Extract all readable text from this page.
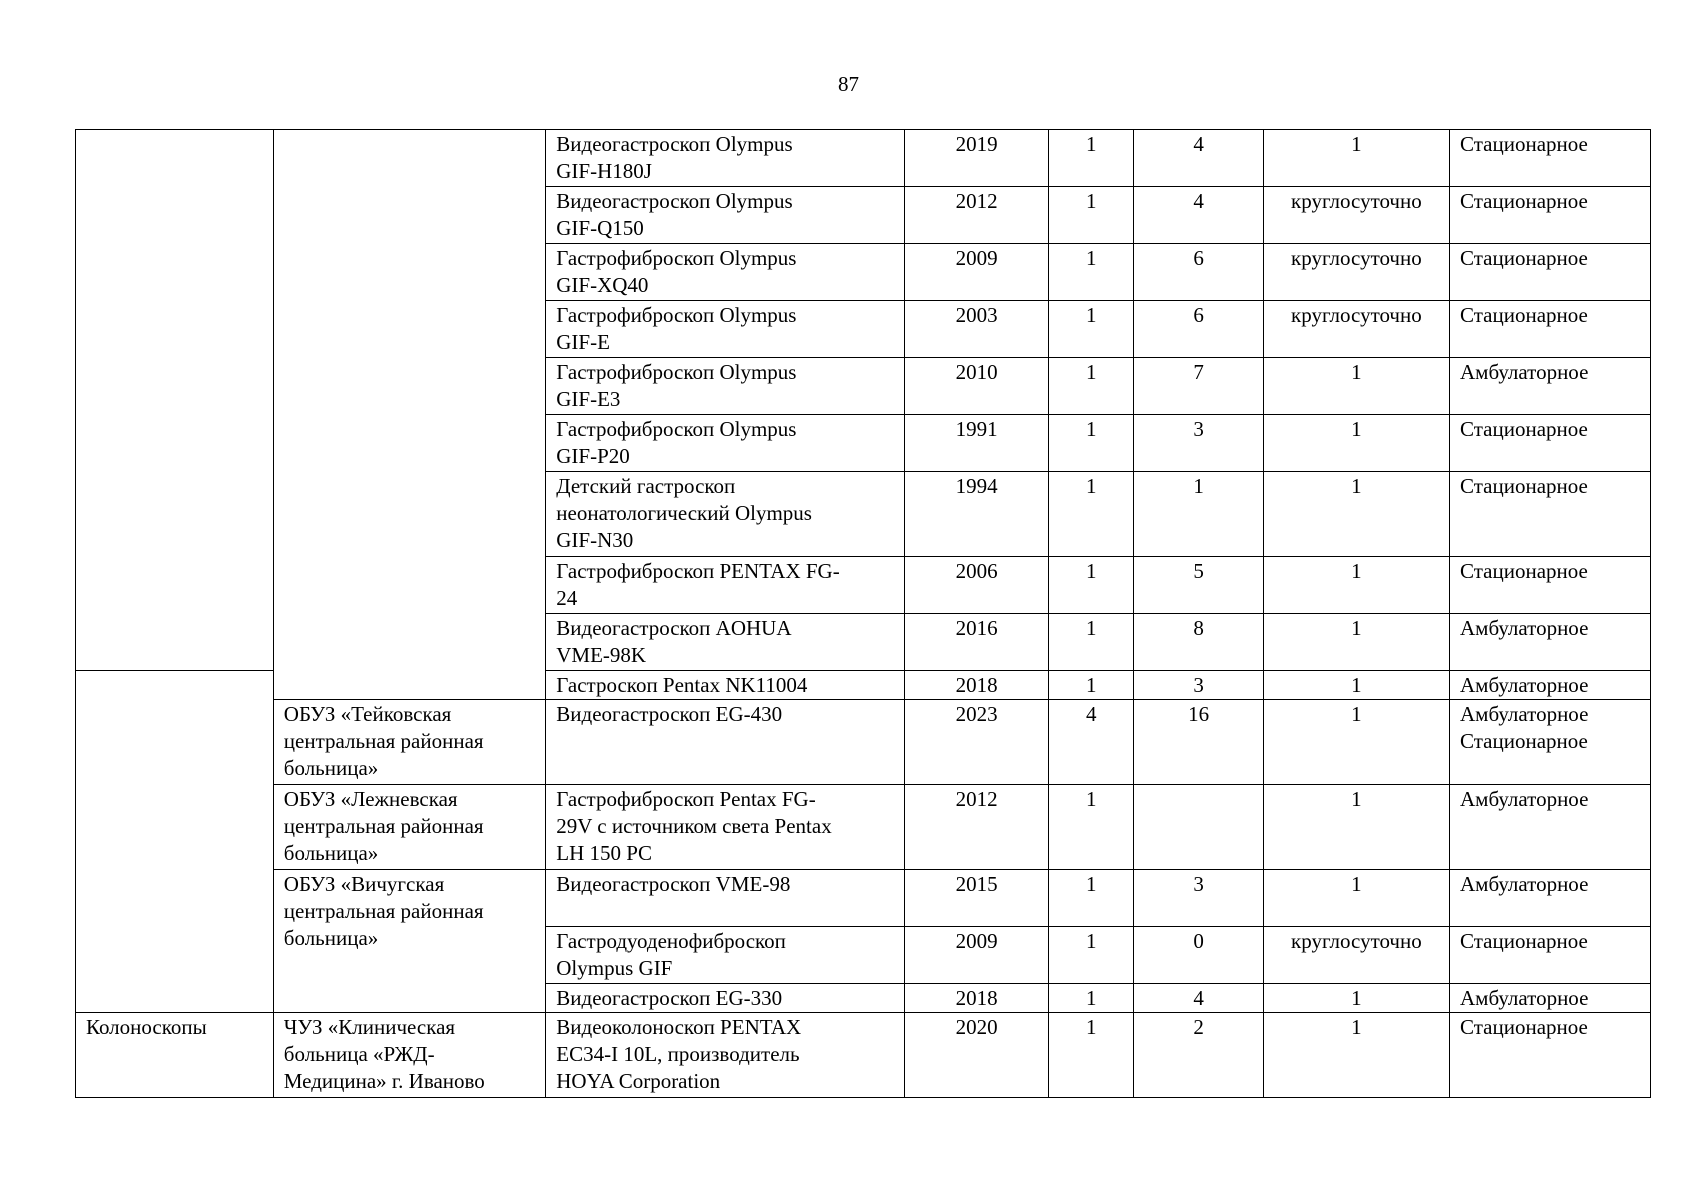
87
		Видеогастроскоп Olympus
GIF-H180J	2019	1	4	1	Стационарное
		Видеогастроскоп Olympus
GIF-Q150	2012	1	4	круглосуточно	Стационарное
		Гастрофиброскоп Olympus
GIF-XQ40	2009	1	6	круглосуточно	Стационарное
		Гастрофиброскоп Olympus
GIF-E	2003	1	6	круглосуточно	Стационарное
		Гастрофиброскоп Olympus
GIF-E3	2010	1	7	1	Амбулаторное
		Гастрофиброскоп Olympus
GIF-P20	1991	1	3	1	Стационарное
		Детский гастроскоп
неонатологический Olympus
GIF-N30	1994	1	1	1	Стационарное
		Гастрофиброскоп PENTAX FG-
24	2006	1	5	1	Стационарное
		Видеогастроскоп AOHUA
VME-98K	2016	1	8	1	Амбулаторное
		Гастроскоп Pentax NK11004	2018	1	3	1	Амбулаторное
	ОБУЗ «Тейковская
центральная районная
больница»	Видеогастроскоп EG-430	2023	4	16	1	Амбулаторное
Стационарное
	ОБУЗ «Лежневская
центральная районная
больница»	Гастрофиброскоп Pentax FG-
29V с источником света Pentax
LH 150 PC	2012	1		1	Амбулаторное
	ОБУЗ «Вичугская
центральная районная
больница»	Видеогастроскоп VME-98	2015	1	3	1	Амбулаторное
		Гастродуоденофиброскоп
Olympus GIF	2009	1	0	круглосуточно	Стационарное
		Видеогастроскоп EG-330	2018	1	4	1	Амбулаторное
Колоноскопы	ЧУЗ «Клиническая
больница «РЖД-
Медицина» г. Иваново	Видеоколоноскоп PENTAX
EC34-I 10L, производитель
HOYA Corporation	2020	1	2	1	Стационарное
